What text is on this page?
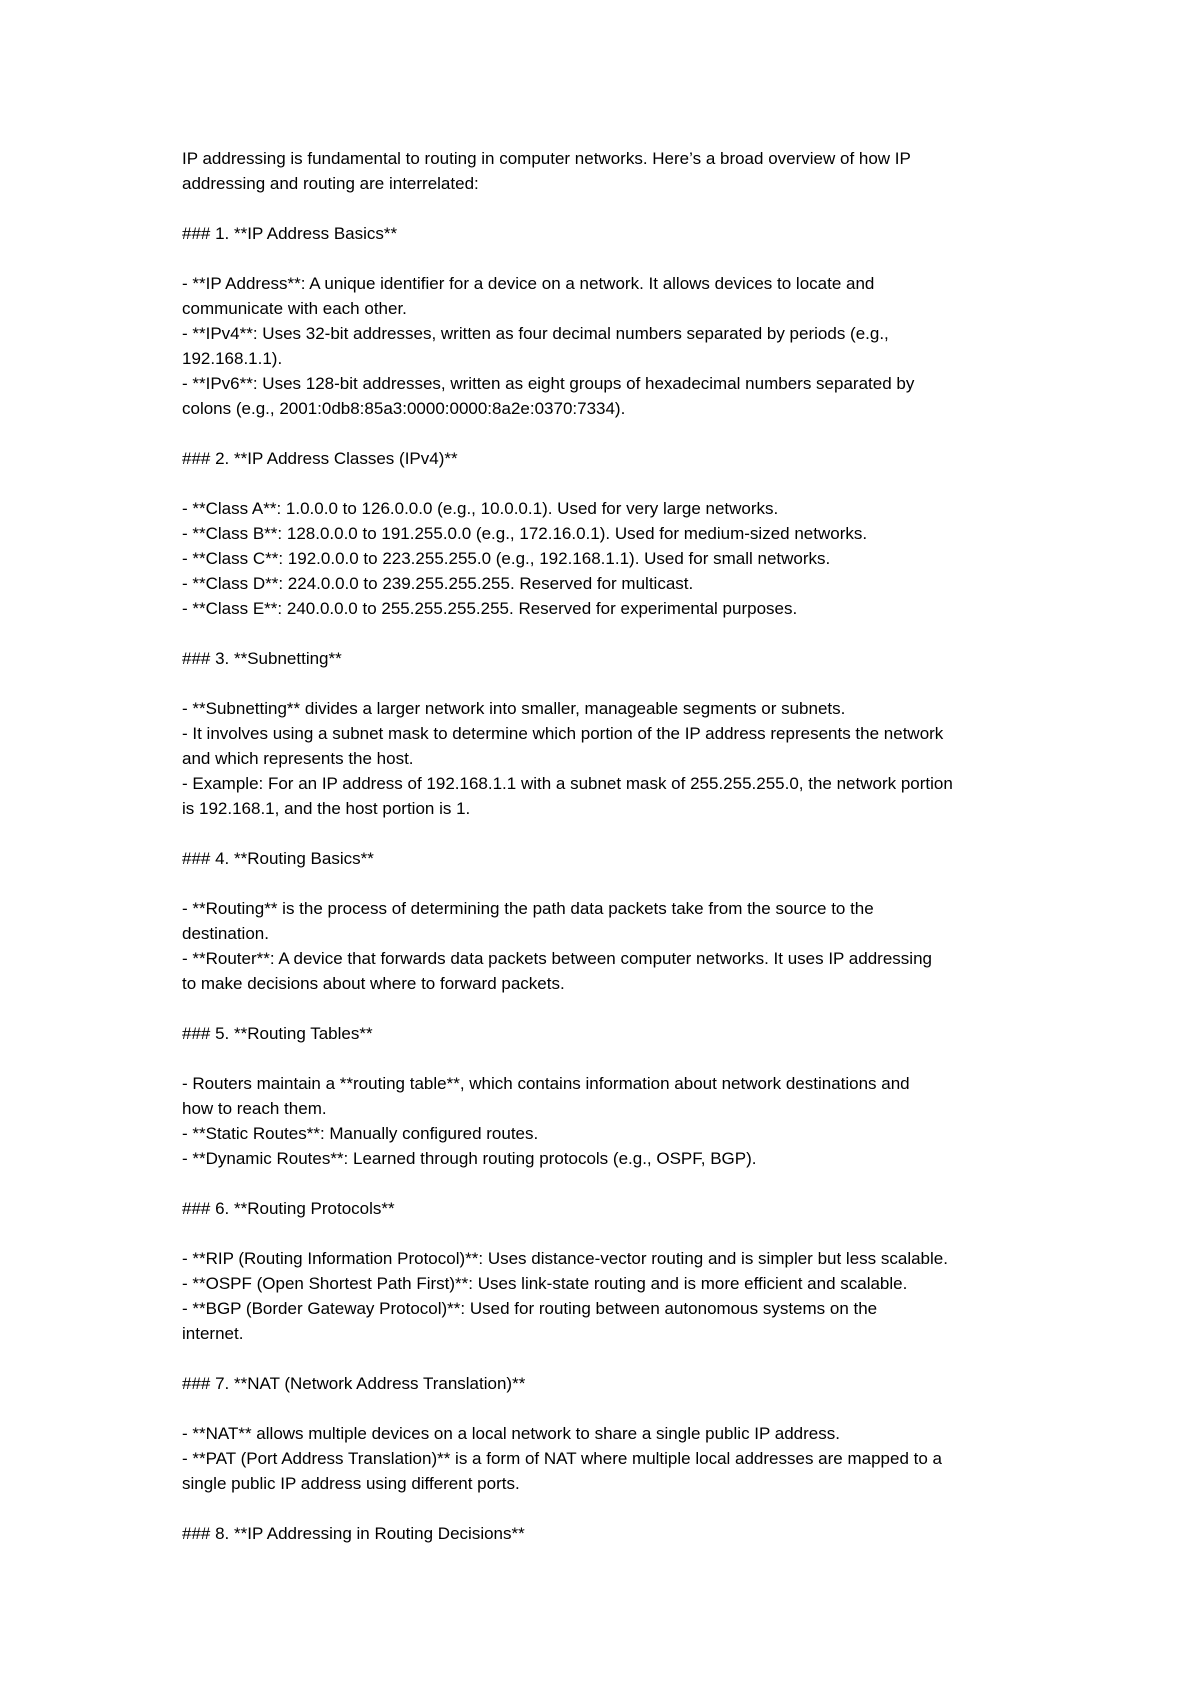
IP addressing is fundamental to routing in computer networks. Here’s a broad overview of how IP
addressing and routing are interrelated:
### 1. **IP Address Basics**
- **IP Address**: A unique identifier for a device on a network. It allows devices to locate and
communicate with each other.
- **IPv4**: Uses 32-bit addresses, written as four decimal numbers separated by periods (e.g.,
192.168.1.1).
- **IPv6**: Uses 128-bit addresses, written as eight groups of hexadecimal numbers separated by
colons (e.g., 2001:0db8:85a3:0000:0000:8a2e:0370:7334).
### 2. **IP Address Classes (IPv4)**
- **Class A**: 1.0.0.0 to 126.0.0.0 (e.g., 10.0.0.1). Used for very large networks.
- **Class B**: 128.0.0.0 to 191.255.0.0 (e.g., 172.16.0.1). Used for medium-sized networks.
- **Class C**: 192.0.0.0 to 223.255.255.0 (e.g., 192.168.1.1). Used for small networks.
- **Class D**: 224.0.0.0 to 239.255.255.255. Reserved for multicast.
- **Class E**: 240.0.0.0 to 255.255.255.255. Reserved for experimental purposes.
### 3. **Subnetting**
- **Subnetting** divides a larger network into smaller, manageable segments or subnets.
- It involves using a subnet mask to determine which portion of the IP address represents the network
and which represents the host.
- Example: For an IP address of 192.168.1.1 with a subnet mask of 255.255.255.0, the network portion
is 192.168.1, and the host portion is 1.
### 4. **Routing Basics**
- **Routing** is the process of determining the path data packets take from the source to the
destination.
- **Router**: A device that forwards data packets between computer networks. It uses IP addressing
to make decisions about where to forward packets.
### 5. **Routing Tables**
- Routers maintain a **routing table**, which contains information about network destinations and
how to reach them.
- **Static Routes**: Manually configured routes.
- **Dynamic Routes**: Learned through routing protocols (e.g., OSPF, BGP).
### 6. **Routing Protocols**
- **RIP (Routing Information Protocol)**: Uses distance-vector routing and is simpler but less scalable.
- **OSPF (Open Shortest Path First)**: Uses link-state routing and is more efficient and scalable.
- **BGP (Border Gateway Protocol)**: Used for routing between autonomous systems on the
internet.
### 7. **NAT (Network Address Translation)**
- **NAT** allows multiple devices on a local network to share a single public IP address.
- **PAT (Port Address Translation)** is a form of NAT where multiple local addresses are mapped to a
single public IP address using different ports.
### 8. **IP Addressing in Routing Decisions**
